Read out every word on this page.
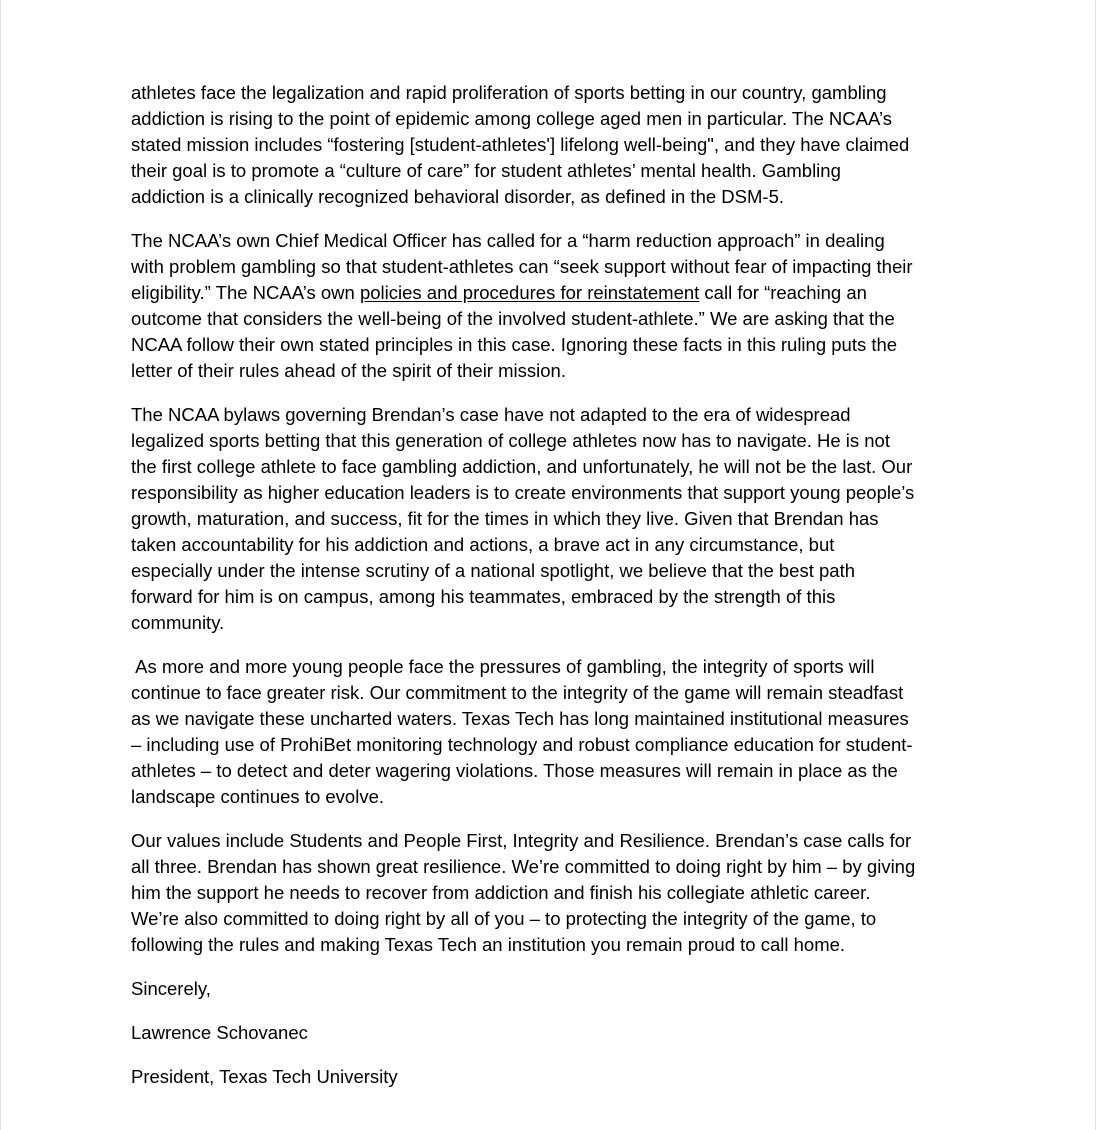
athletes face the legalization and rapid proliferation of sports betting in our country, gambling
addiction is rising to the point of epidemic among college aged men in particular. The NCAA’s
stated mission includes “fostering [student-athletes'] lifelong well-being", and they have claimed
their goal is to promote a “culture of care” for student athletes’ mental health. Gambling
addiction is a clinically recognized behavioral disorder, as defined in the DSM-5.

The NCAA’s own Chief Medical Officer has called for a “harm reduction approach” in dealing
with problem gambling so that student-athletes can “seek support without fear of impacting their
eligibility.” The NCAA’s own policies and procedures for reinstatement call for “reaching an
outcome that considers the well-being of the involved student-athlete.” We are asking that the
NCAA follow their own stated principles in this case. Ignoring these facts in this ruling puts the
letter of their rules ahead of the spirit of their mission.

The NCAA bylaws governing Brendan’s case have not adapted to the era of widespread
legalized sports betting that this generation of college athletes now has to navigate. He is not
the first college athlete to face gambling addiction, and unfortunately, he will not be the last. Our
responsibility as higher education leaders is to create environments that support young people’s
growth, maturation, and success, fit for the times in which they live. Given that Brendan has
taken accountability for his addiction and actions, a brave act in any circumstance, but
especially under the intense scrutiny of a national spotlight, we believe that the best path
forward for him is on campus, among his teammates, embraced by the strength of this
community.

As more and more young people face the pressures of gambling, the integrity of sports will
continue to face greater risk. Our commitment to the integrity of the game will remain steadfast
as we navigate these uncharted waters. Texas Tech has long maintained institutional measures
– including use of ProhiBet monitoring technology and robust compliance education for student-
athletes – to detect and deter wagering violations. Those measures will remain in place as the
landscape continues to evolve.

Our values include Students and People First, Integrity and Resilience. Brendan’s case calls for
all three. Brendan has shown great resilience. We’re committed to doing right by him – by giving
him the support he needs to recover from addiction and finish his collegiate athletic career.
We’re also committed to doing right by all of you – to protecting the integrity of the game, to
following the rules and making Texas Tech an institution you remain proud to call home.

Sincerely,

Lawrence Schovanec

President, Texas Tech University
